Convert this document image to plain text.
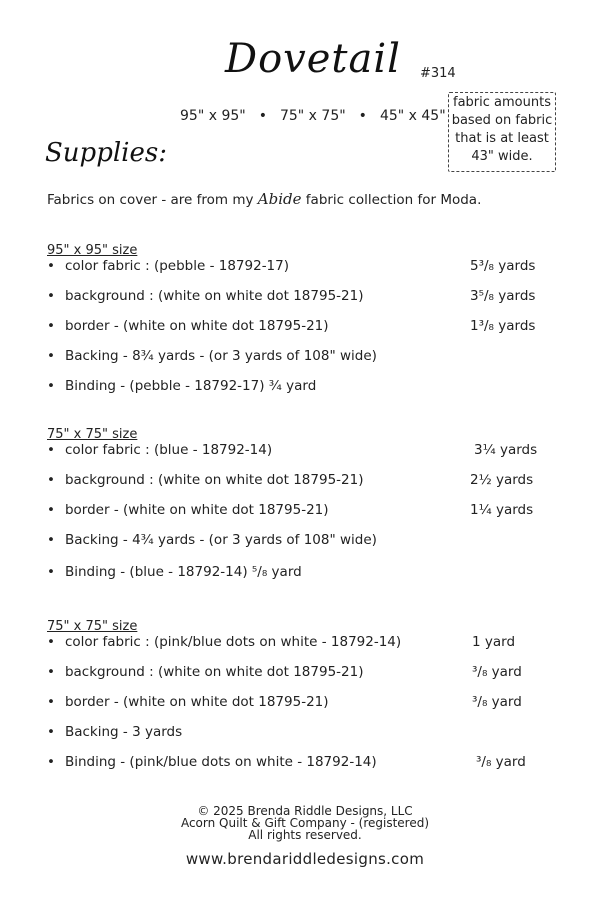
Dovetail #314
95" x 95" • 75" x 75" • 45" x 45"
fabric amounts
based on fabric
that is at least
43" wide.
Supplies:
Fabrics on cover - are from my Abide fabric collection for Moda.
95" x 95" size
• color fabric : (pebble - 18792-17)	5³/₈ yards
• background : (white on white dot 18795-21)	3⁵/₈ yards
• border - (white on white dot 18795-21)	1³/₈ yards
• Backing - 8¾ yards - (or 3 yards of 108" wide)
• Binding - (pebble - 18792-17) ¾ yard
75" x 75" size
• color fabric : (blue - 18792-14)	3¼ yards
• background : (white on white dot 18795-21)	2½ yards
• border - (white on white dot 18795-21)	1¼ yards
• Backing - 4¾ yards - (or 3 yards of 108" wide)
• Binding - (blue - 18792-14) ⁵/₈ yard
75" x 75" size
• color fabric : (pink/blue dots on white - 18792-14)	1 yard
• background : (white on white dot 18795-21)	³/₈ yard
• border - (white on white dot 18795-21)	³/₈ yard
• Backing - 3 yards
• Binding - (pink/blue dots on white - 18792-14)	³/₈ yard
© 2025 Brenda Riddle Designs, LLC
Acorn Quilt & Gift Company - (registered)
All rights reserved.
www.brendariddledesigns.com
